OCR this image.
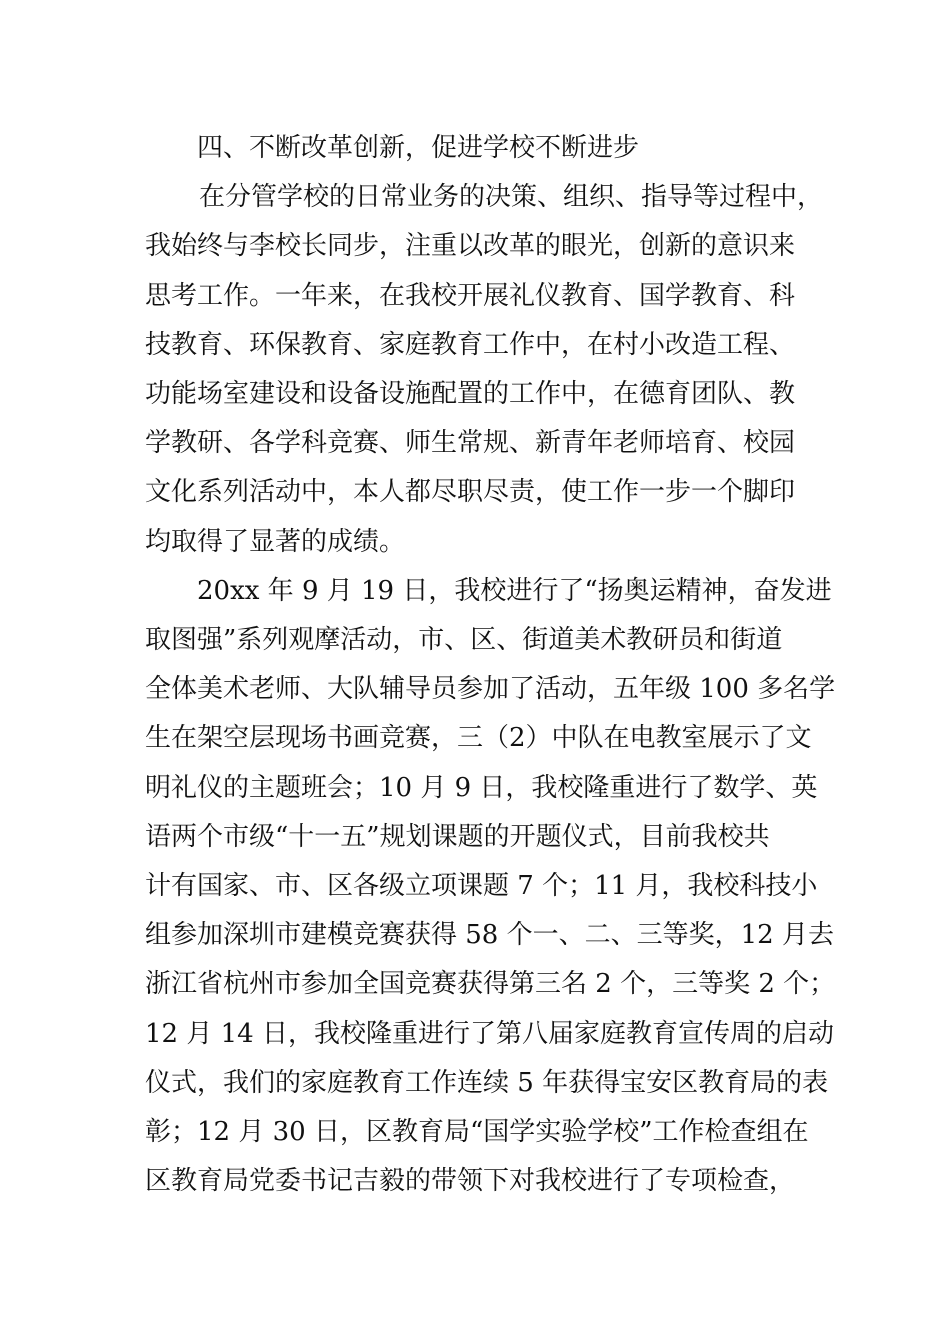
四、不断改革创新，促进学校不断进步

在分管学校的日常业务的决策、组织、指导等过程中，
我始终与李校长同步，注重以改革的眼光，创新的意识来
思考工作。一年来，在我校开展礼仪教育、国学教育、科
技教育、环保教育、家庭教育工作中，在村小改造工程、
功能场室建设和设备设施配置的工作中，在德育团队、教
学教研、各学科竞赛、师生常规、新青年老师培育、校园
文化系列活动中，本人都尽职尽责，使工作一步一个脚印
均取得了显著的成绩。

20xx 年 9 月 19 日，我校进行了“扬奥运精神，奋发进
取图强”系列观摩活动，市、区、街道美术教研员和街道
全体美术老师、大队辅导员参加了活动，五年级 100 多名学
生在架空层现场书画竞赛，三（2）中队在电教室展示了文
明礼仪的主题班会；10 月 9 日，我校隆重进行了数学、英
语两个市级“十一五”规划课题的开题仪式，目前我校共
计有国家、市、区各级立项课题 7 个；11 月，我校科技小
组参加深圳市建模竞赛获得 58 个一、二、三等奖，12 月去
浙江省杭州市参加全国竞赛获得第三名 2 个，三等奖 2 个；
12 月 14 日，我校隆重进行了第八届家庭教育宣传周的启动
仪式，我们的家庭教育工作连续 5 年获得宝安区教育局的表
彰；12 月 30 日，区教育局“国学实验学校”工作检查组在
区教育局党委书记吉毅的带领下对我校进行了专项检查，
